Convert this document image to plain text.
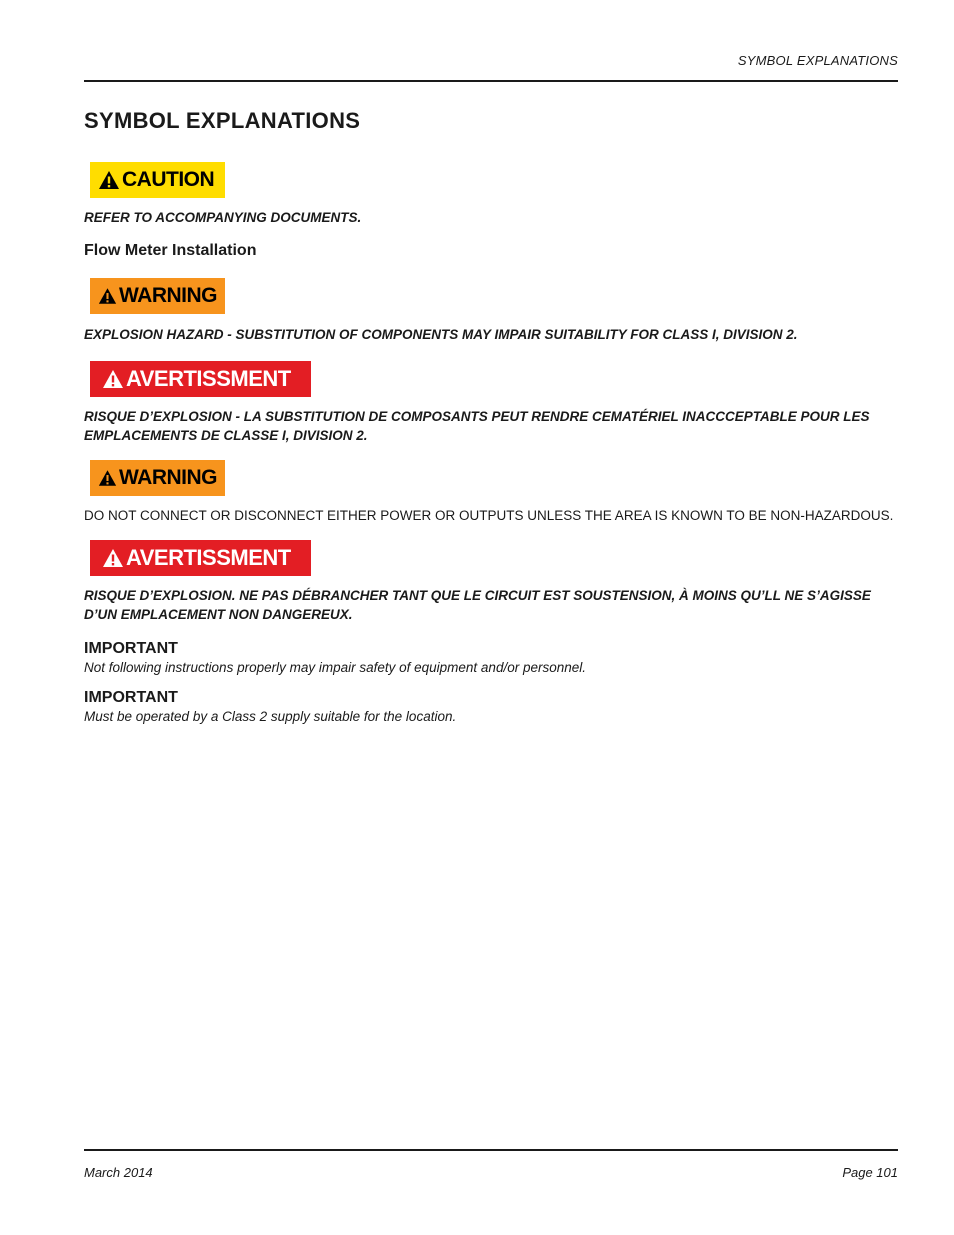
SYMBOL EXPLANATIONS
SYMBOL EXPLANATIONS
CAUTION

REFER TO ACCOMPANYING DOCUMENTS.

Flow Meter Installation
WARNING

EXPLOSION HAZARD - SUBSTITUTION OF COMPONENTS MAY IMPAIR SUITABILITY FOR CLASS I, DIVISION 2.

AVERTISSMENT

RISQUE D’EXPLOSION - LA SUBSTITUTION DE COMPOSANTS PEUT RENDRE CEMATÉRIEL INACCCEPTABLE POUR LES EMPLACEMENTS DE CLASSE I, DIVISION 2.

WARNING

DO NOT CONNECT OR DISCONNECT EITHER POWER OR OUTPUTS UNLESS THE AREA IS KNOWN TO BE NON-HAZARDOUS.

AVERTISSMENT

RISQUE D’EXPLOSION. NE PAS DÉBRANCHER TANT QUE LE CIRCUIT EST SOUSTENSION, À MOINS QU’LL NE S’AGISSE D’UN EMPLACEMENT NON DANGEREUX.

IMPORTANT

Not following instructions properly may impair safety of equipment and/or personnel.

IMPORTANT

Must be operated by a Class 2 supply suitable for the location.

March 2014	Page 101
